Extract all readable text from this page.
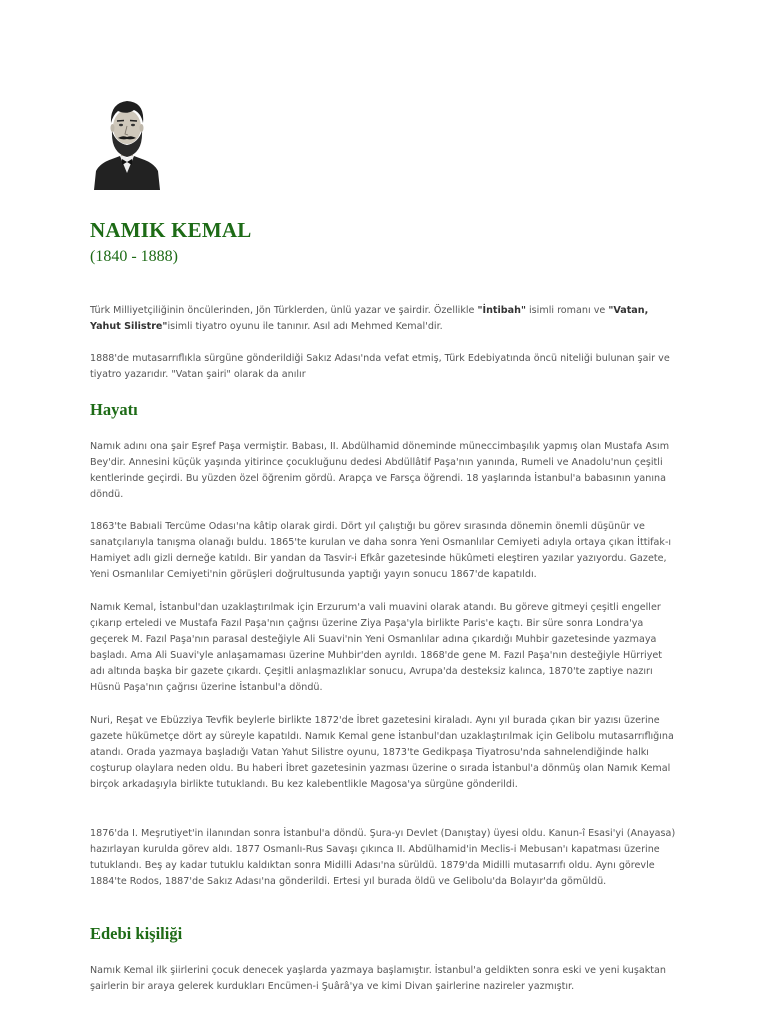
NAMIK KEMAL
(1840 - 1888)

Türk Milliyetçiliğinin öncülerinden, Jön Türklerden, ünlü yazar ve şairdir. Özellikle "İntibah" isimli romanı ve "Vatan, Yahut Silistre"isimli tiyatro oyunu ile tanınır. Asıl adı Mehmed Kemal'dir.

1888'de mutasarrıflıkla sürgüne gönderildiği Sakız Adası'nda vefat etmiş, Türk Edebiyatında öncü niteliği bulunan şair ve tiyatro yazarıdır. "Vatan şairi" olarak da anılır

Hayatı

Namık adını ona şair Eşref Paşa vermiştir. Babası, II. Abdülhamid döneminde müneccimbaşılık yapmış olan Mustafa Asım Bey'dir. Annesini küçük yaşında yitirince çocukluğunu dedesi Abdüllâtif Paşa'nın yanında, Rumeli ve Anadolu'nun çeşitli kentlerinde geçirdi. Bu yüzden özel öğrenim gördü. Arapça ve Farsça öğrendi. 18 yaşlarında İstanbul'a babasının yanına döndü.

1863'te Babıali Tercüme Odası'na kâtip olarak girdi. Dört yıl çalıştığı bu görev sırasında dönemin önemli düşünür ve sanatçılarıyla tanışma olanağı buldu. 1865'te kurulan ve daha sonra Yeni Osmanlılar Cemiyeti adıyla ortaya çıkan İttifak-ı Hamiyet adlı gizli derneğe katıldı. Bir yandan da Tasvir-i Efkâr gazetesinde hükûmeti eleştiren yazılar yazıyordu. Gazete, Yeni Osmanlılar Cemiyeti'nin görüşleri doğrultusunda yaptığı yayın sonucu 1867'de kapatıldı.

Namık Kemal, İstanbul'dan uzaklaştırılmak için Erzurum'a vali muavini olarak atandı. Bu göreve gitmeyi çeşitli engeller çıkarıp erteledi ve Mustafa Fazıl Paşa'nın çağrısı üzerine Ziya Paşa'yla birlikte Paris'e kaçtı. Bir süre sonra Londra'ya geçerek M. Fazıl Paşa'nın parasal desteğiyle Ali Suavi'nin Yeni Osmanlılar adına çıkardığı Muhbir gazetesinde yazmaya başladı. Ama Ali Suavi'yle anlaşamaması üzerine Muhbir'den ayrıldı. 1868'de gene M. Fazıl Paşa'nın desteğiyle Hürriyet adı altında başka bir gazete çıkardı. Çeşitli anlaşmazlıklar sonucu, Avrupa'da desteksiz kalınca, 1870'te zaptiye nazırı Hüsnü Paşa'nın çağrısı üzerine İstanbul'a döndü.

Nuri, Reşat ve Ebüzziya Tevfik beylerle birlikte 1872'de İbret gazetesini kiraladı. Aynı yıl burada çıkan bir yazısı üzerine gazete hükümetçe dört ay süreyle kapatıldı. Namık Kemal gene İstanbul'dan uzaklaştırılmak için Gelibolu mutasarrıflığına atandı. Orada yazmaya başladığı Vatan Yahut Silistre oyunu, 1873'te Gedikpaşa Tiyatrosu'nda sahnelendiğinde halkı coşturup olaylara neden oldu. Bu haberi İbret gazetesinin yazması üzerine o sırada İstanbul'a dönmüş olan Namık Kemal birçok arkadaşıyla birlikte tutuklandı. Bu kez kalebentlikle Magosa'ya sürgüne gönderildi.

1876'da I. Meşrutiyet'in ilanından sonra İstanbul'a döndü. Şura-yı Devlet (Danıştay) üyesi oldu. Kanun-î Esasi'yi (Anayasa) hazırlayan kurulda görev aldı. 1877 Osmanlı-Rus Savaşı çıkınca II. Abdülhamid'in Meclis-i Mebusan'ı kapatması üzerine tutuklandı. Beş ay kadar tutuklu kaldıktan sonra Midilli Adası'na sürüldü. 1879'da Midilli mutasarrıfı oldu. Aynı görevle 1884'te Rodos, 1887'de Sakız Adası'na gönderildi. Ertesi yıl burada öldü ve Gelibolu'da Bolayır'da gömüldü.

Edebi kişiliği

Namık Kemal ilk şiirlerini çocuk denecek yaşlarda yazmaya başlamıştır. İstanbul'a geldikten sonra eski ve yeni kuşaktan şairlerin bir araya gelerek kurdukları Encümen-i Şuârâ'ya ve kimi Divan şairlerine nazireler yazmıştır.
